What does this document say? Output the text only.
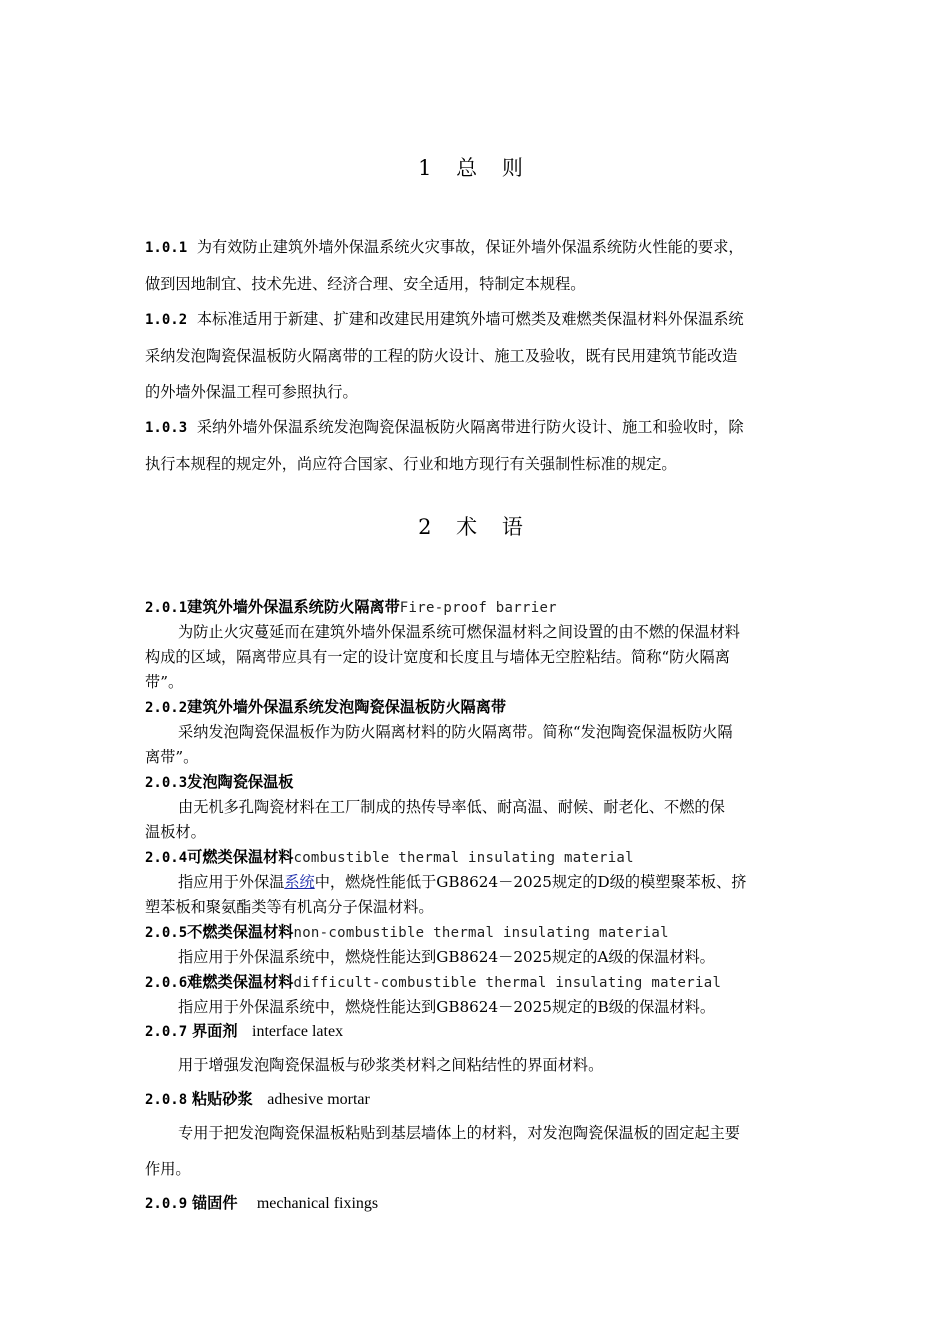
1 总 则
1.0.1 为有效防止建筑外墙外保温系统火灾事故，保证外墙外保温系统防火性能的要求，
做到因地制宜、技术先进、经济合理、安全适用，特制定本规程。
1.0.2 本标准适用于新建、扩建和改建民用建筑外墙可燃类及难燃类保温材料外保温系统
采纳发泡陶瓷保温板防火隔离带的工程的防火设计、施工及验收，既有民用建筑节能改造
的外墙外保温工程可参照执行。
1.0.3 采纳外墙外保温系统发泡陶瓷保温板防火隔离带进行防火设计、施工和验收时，除
执行本规程的规定外，尚应符合国家、行业和地方现行有关强制性标准的规定。
2 术 语
2.0.1建筑外墙外保温系统防火隔离带Fire-proof barrier
为防止火灾蔓延而在建筑外墙外保温系统可燃保温材料之间设置的由不燃的保温材料
构成的区域，隔离带应具有一定的设计宽度和长度且与墙体无空腔粘结。简称“防火隔离
带”。
2.0.2建筑外墙外保温系统发泡陶瓷保温板防火隔离带
采纳发泡陶瓷保温板作为防火隔离材料的防火隔离带。简称“发泡陶瓷保温板防火隔
离带”。
2.0.3发泡陶瓷保温板
由无机多孔陶瓷材料在工厂制成的热传导率低、耐高温、耐候、耐老化、不燃的保
温板材。
2.0.4可燃类保温材料combustible thermal insulating material
指应用于外保温系统中，燃烧性能低于GB8624－2025规定的D级的模塑聚苯板、挤
塑苯板和聚氨酯类等有机高分子保温材料。
2.0.5不燃类保温材料non-combustible thermal insulating material
指应用于外保温系统中，燃烧性能达到GB8624－2025规定的A级的保温材料。
2.0.6难燃类保温材料difficult-combustible thermal insulating material
指应用于外保温系统中，燃烧性能达到GB8624－2025规定的B级的保温材料。
2.0.7 界面剂 interface latex
用于增强发泡陶瓷保温板与砂浆类材料之间粘结性的界面材料。
2.0.8 粘贴砂浆 adhesive mortar
专用于把发泡陶瓷保温板粘贴到基层墙体上的材料，对发泡陶瓷保温板的固定起主要
作用。
2.0.9 锚固件 mechanical fixings
